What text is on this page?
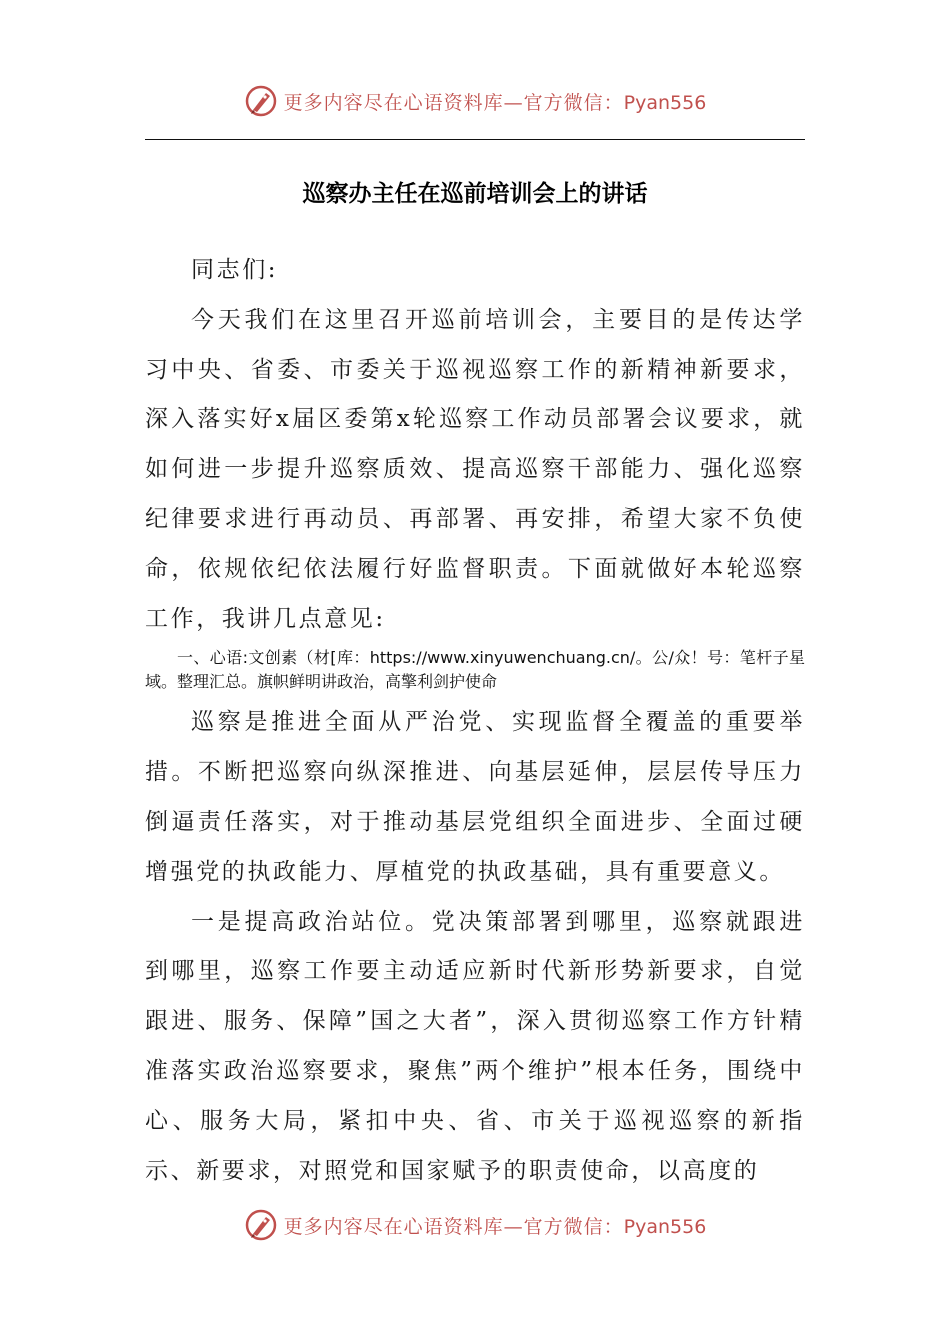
更多内容尽在心语资料库—官方微信：Pyan556
巡察办主任在巡前培训会上的讲话

同志们:

今天我们在这里召开巡前培训会，主要目的是传达学习中央、省委、市委关于巡视巡察工作的新精神新要求，深入落实好x届区委第x轮巡察工作动员部署会议要求，就如何进一步提升巡察质效、提高巡察干部能力、强化巡察纪律要求进行再动员、再部署、再安排，希望大家不负使命，依规依纪依法履行好监督职责。下面就做好本轮巡察工作，我讲几点意见:

一、心语:文创素（材[库：https://www.xinyuwenchuang.cn/。公/众！号：笔杆子星域。整理汇总。旗帜鲜明讲政治，高擎利剑护使命

巡察是推进全面从严治党、实现监督全覆盖的重要举措。不断把巡察向纵深推进、向基层延伸，层层传导压力倒逼责任落实，对于推动基层党组织全面进步、全面过硬增强党的执政能力、厚植党的执政基础，具有重要意义。

一是提高政治站位。党决策部署到哪里，巡察就跟进到哪里，巡察工作要主动适应新时代新形势新要求，自觉跟进、服务、保障”国之大者”，深入贯彻巡察工作方针精准落实政治巡察要求，聚焦”两个维护”根本任务，围绕中心、服务大局，紧扣中央、省、市关于巡视巡察的新指示、新要求，对照党和国家赋予的职责使命，以高度的

更多内容尽在心语资料库—官方微信：Pyan556
